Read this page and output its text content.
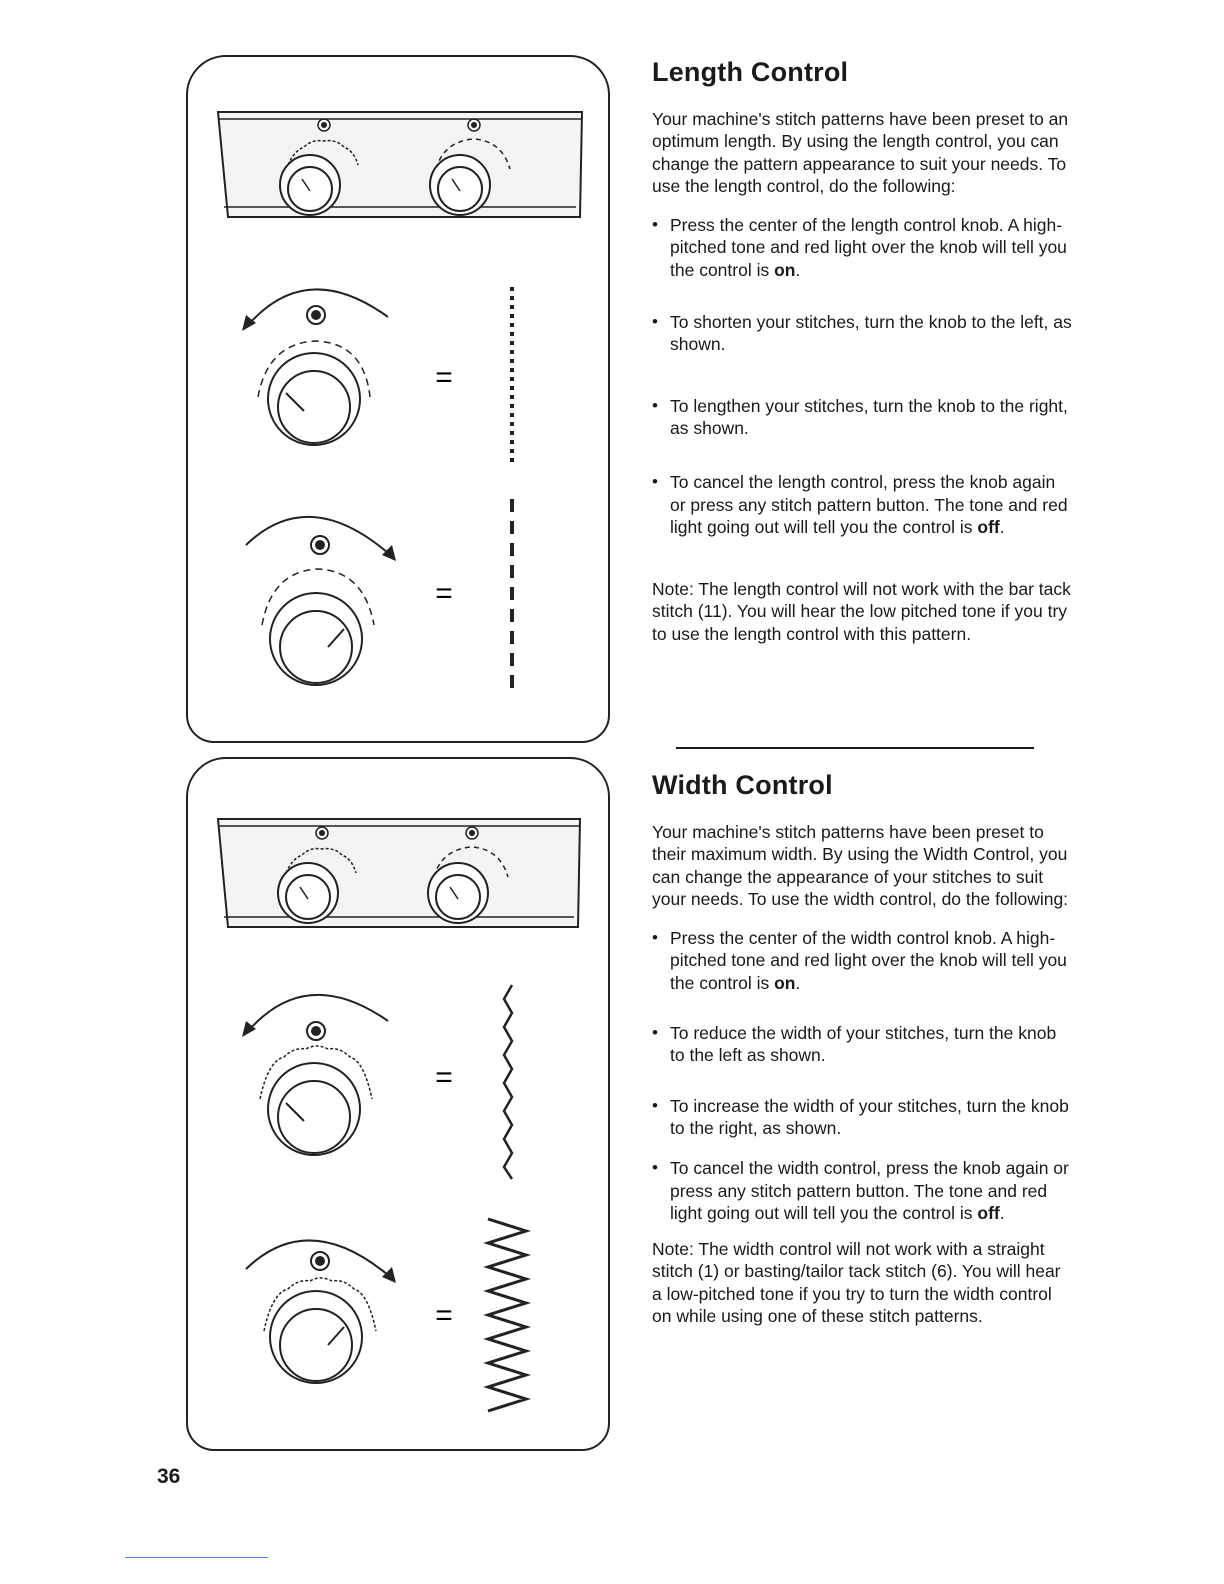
=
=
=
=
Length Control

Your machine's stitch patterns have been preset to an optimum length. By using the length control, you can change the pattern appearance to suit your needs. To use the length control, do the following:

• Press the center of the length control knob. A high-pitched tone and red light over the knob will tell you the control is on.
• To shorten your stitches, turn the knob to the left, as shown.
• To lengthen your stitches, turn the knob to the right, as shown.
• To cancel the length control, press the knob again or press any stitch pattern button. The tone and red light going out will tell you the control is off.

Note: The length control will not work with the bar tack stitch (11). You will hear the low pitched tone if you try to use the length control with this pattern.

Width Control

Your machine's stitch patterns have been preset to their maximum width. By using the Width Control, you can change the appearance of your stitches to suit your needs. To use the width control, do the following:

• Press the center of the width control knob. A high-pitched tone and red light over the knob will tell you the control is on.
• To reduce the width of your stitches, turn the knob to the left as shown.
• To increase the width of your stitches, turn the knob to the right, as shown.
• To cancel the width control, press the knob again or press any stitch pattern button. The tone and red light going out will tell you the control is off.

Note: The width control will not work with a straight stitch (1) or basting/tailor tack stitch (6). You will hear a low-pitched tone if you try to turn the width control on while using one of these stitch patterns.

36
